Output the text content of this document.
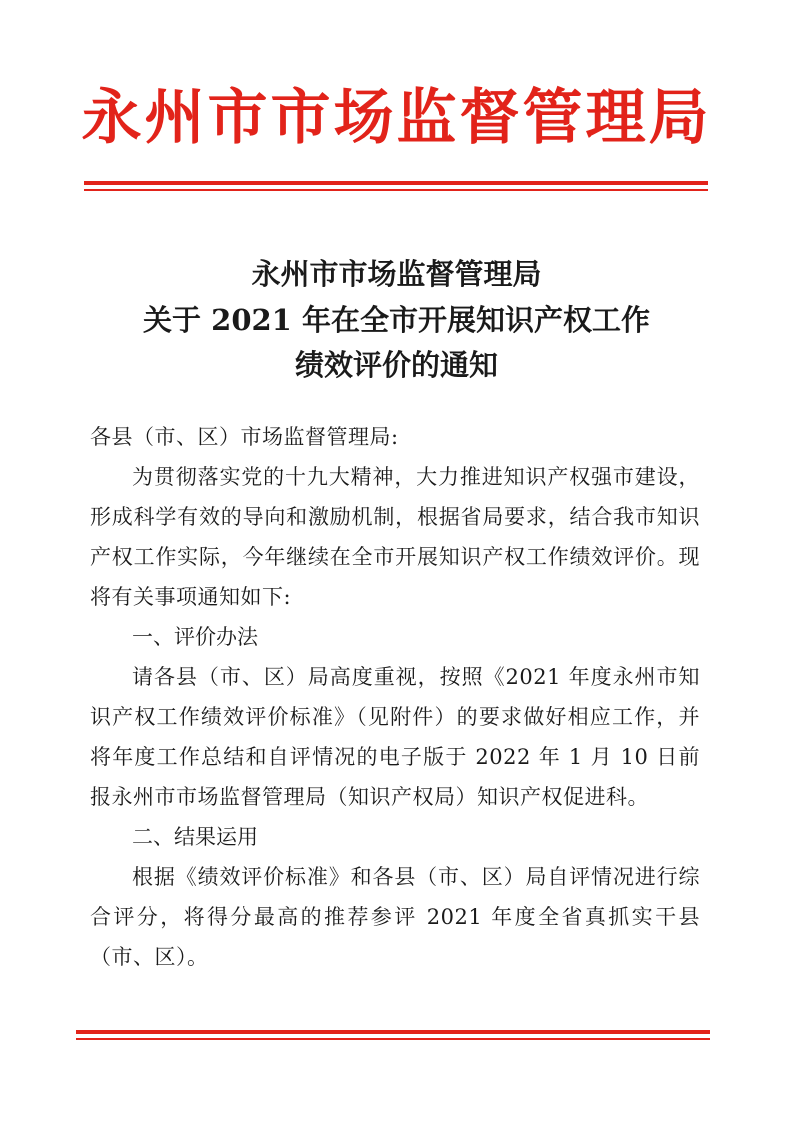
永州市市场监督管理局
永州市市场监督管理局
关于 2021 年在全市开展知识产权工作
绩效评价的通知
各县（市、区）市场监督管理局:
为贯彻落实党的十九大精神，大力推进知识产权强市建设，形成科学有效的导向和激励机制，根据省局要求，结合我市知识产权工作实际，今年继续在全市开展知识产权工作绩效评价。现将有关事项通知如下:
一、评价办法
请各县（市、区）局高度重视，按照《2021 年度永州市知识产权工作绩效评价标准》（见附件）的要求做好相应工作，并将年度工作总结和自评情况的电子版于 2022 年 1 月 10 日前报永州市市场监督管理局（知识产权局）知识产权促进科。
二、结果运用
根据《绩效评价标准》和各县（市、区）局自评情况进行综合评分，将得分最高的推荐参评 2021 年度全省真抓实干县（市、区）。
